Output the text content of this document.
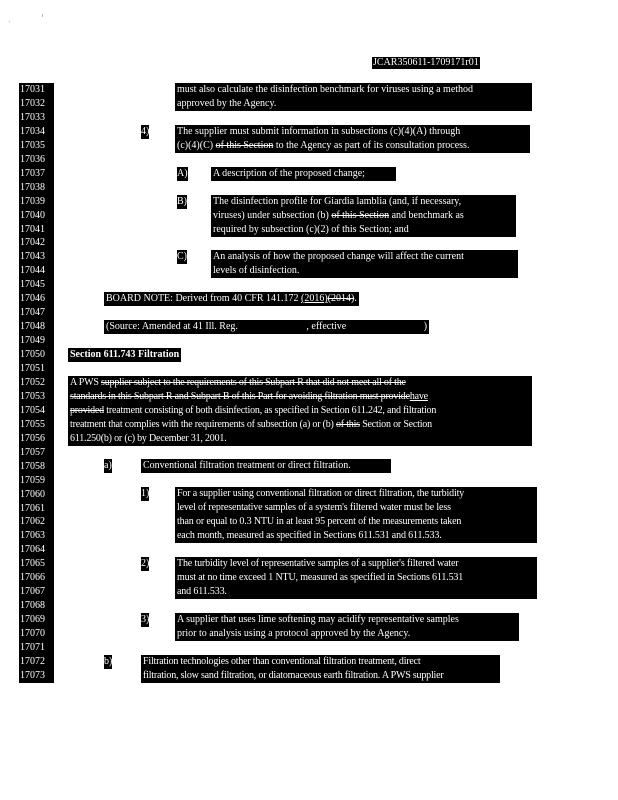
JCAR350611-1709171r01
17031
17032
17033
17034
17035
17036
17037
17038
17039
17040
17041
17042
17043
17044
17045
17046
17047
17048
17049
17050
17051
17052
17053
17054
17055
17056
17057
17058
17059
17060
17061
17062
17063
17064
17065
17066
17067
17068
17069
17070
17071
17072
17073
must also calculate the disinfection benchmark for viruses using a method
approved by the Agency.
4)	The supplier must submit information in subsections (c)(4)(A) through
(c)(4)(C) of this Section to the Agency as part of its consultation process.
A)	A description of the proposed change;
B)	The disinfection profile for Giardia lamblia (and, if necessary,
viruses) under subsection (b) of this Section and benchmark as
required by subsection (c)(2) of this Section; and
C)	An analysis of how the proposed change will affect the current
levels of disinfection.
BOARD NOTE: Derived from 40 CFR 141.172 (2016)(2014).
(Source: Amended at 41 Ill. Reg.	, effective	)
Section 611.743 Filtration
A PWS supplier subject to the requirements of this Subpart R that did not meet all of the
standards in this Subpart R and Subpart B of this Part for avoiding filtration must providehave
provided treatment consisting of both disinfection, as specified in Section 611.242, and filtration
treatment that complies with the requirements of subsection (a) or (b) of this Section or Section
611.250(b) or (c) by December 31, 2001.
a)	Conventional filtration treatment or direct filtration.
1)	For a supplier using conventional filtration or direct filtration, the turbidity
level of representative samples of a system's filtered water must be less
than or equal to 0.3 NTU in at least 95 percent of the measurements taken
each month, measured as specified in Sections 611.531 and 611.533.
2)	The turbidity level of representative samples of a supplier's filtered water
must at no time exceed 1 NTU, measured as specified in Sections 611.531
and 611.533.
3)	A supplier that uses lime softening may acidify representative samples
prior to analysis using a protocol approved by the Agency.
b)	Filtration technologies other than conventional filtration treatment, direct
filtration, slow sand filtration, or diatomaceous earth filtration. A PWS supplier
